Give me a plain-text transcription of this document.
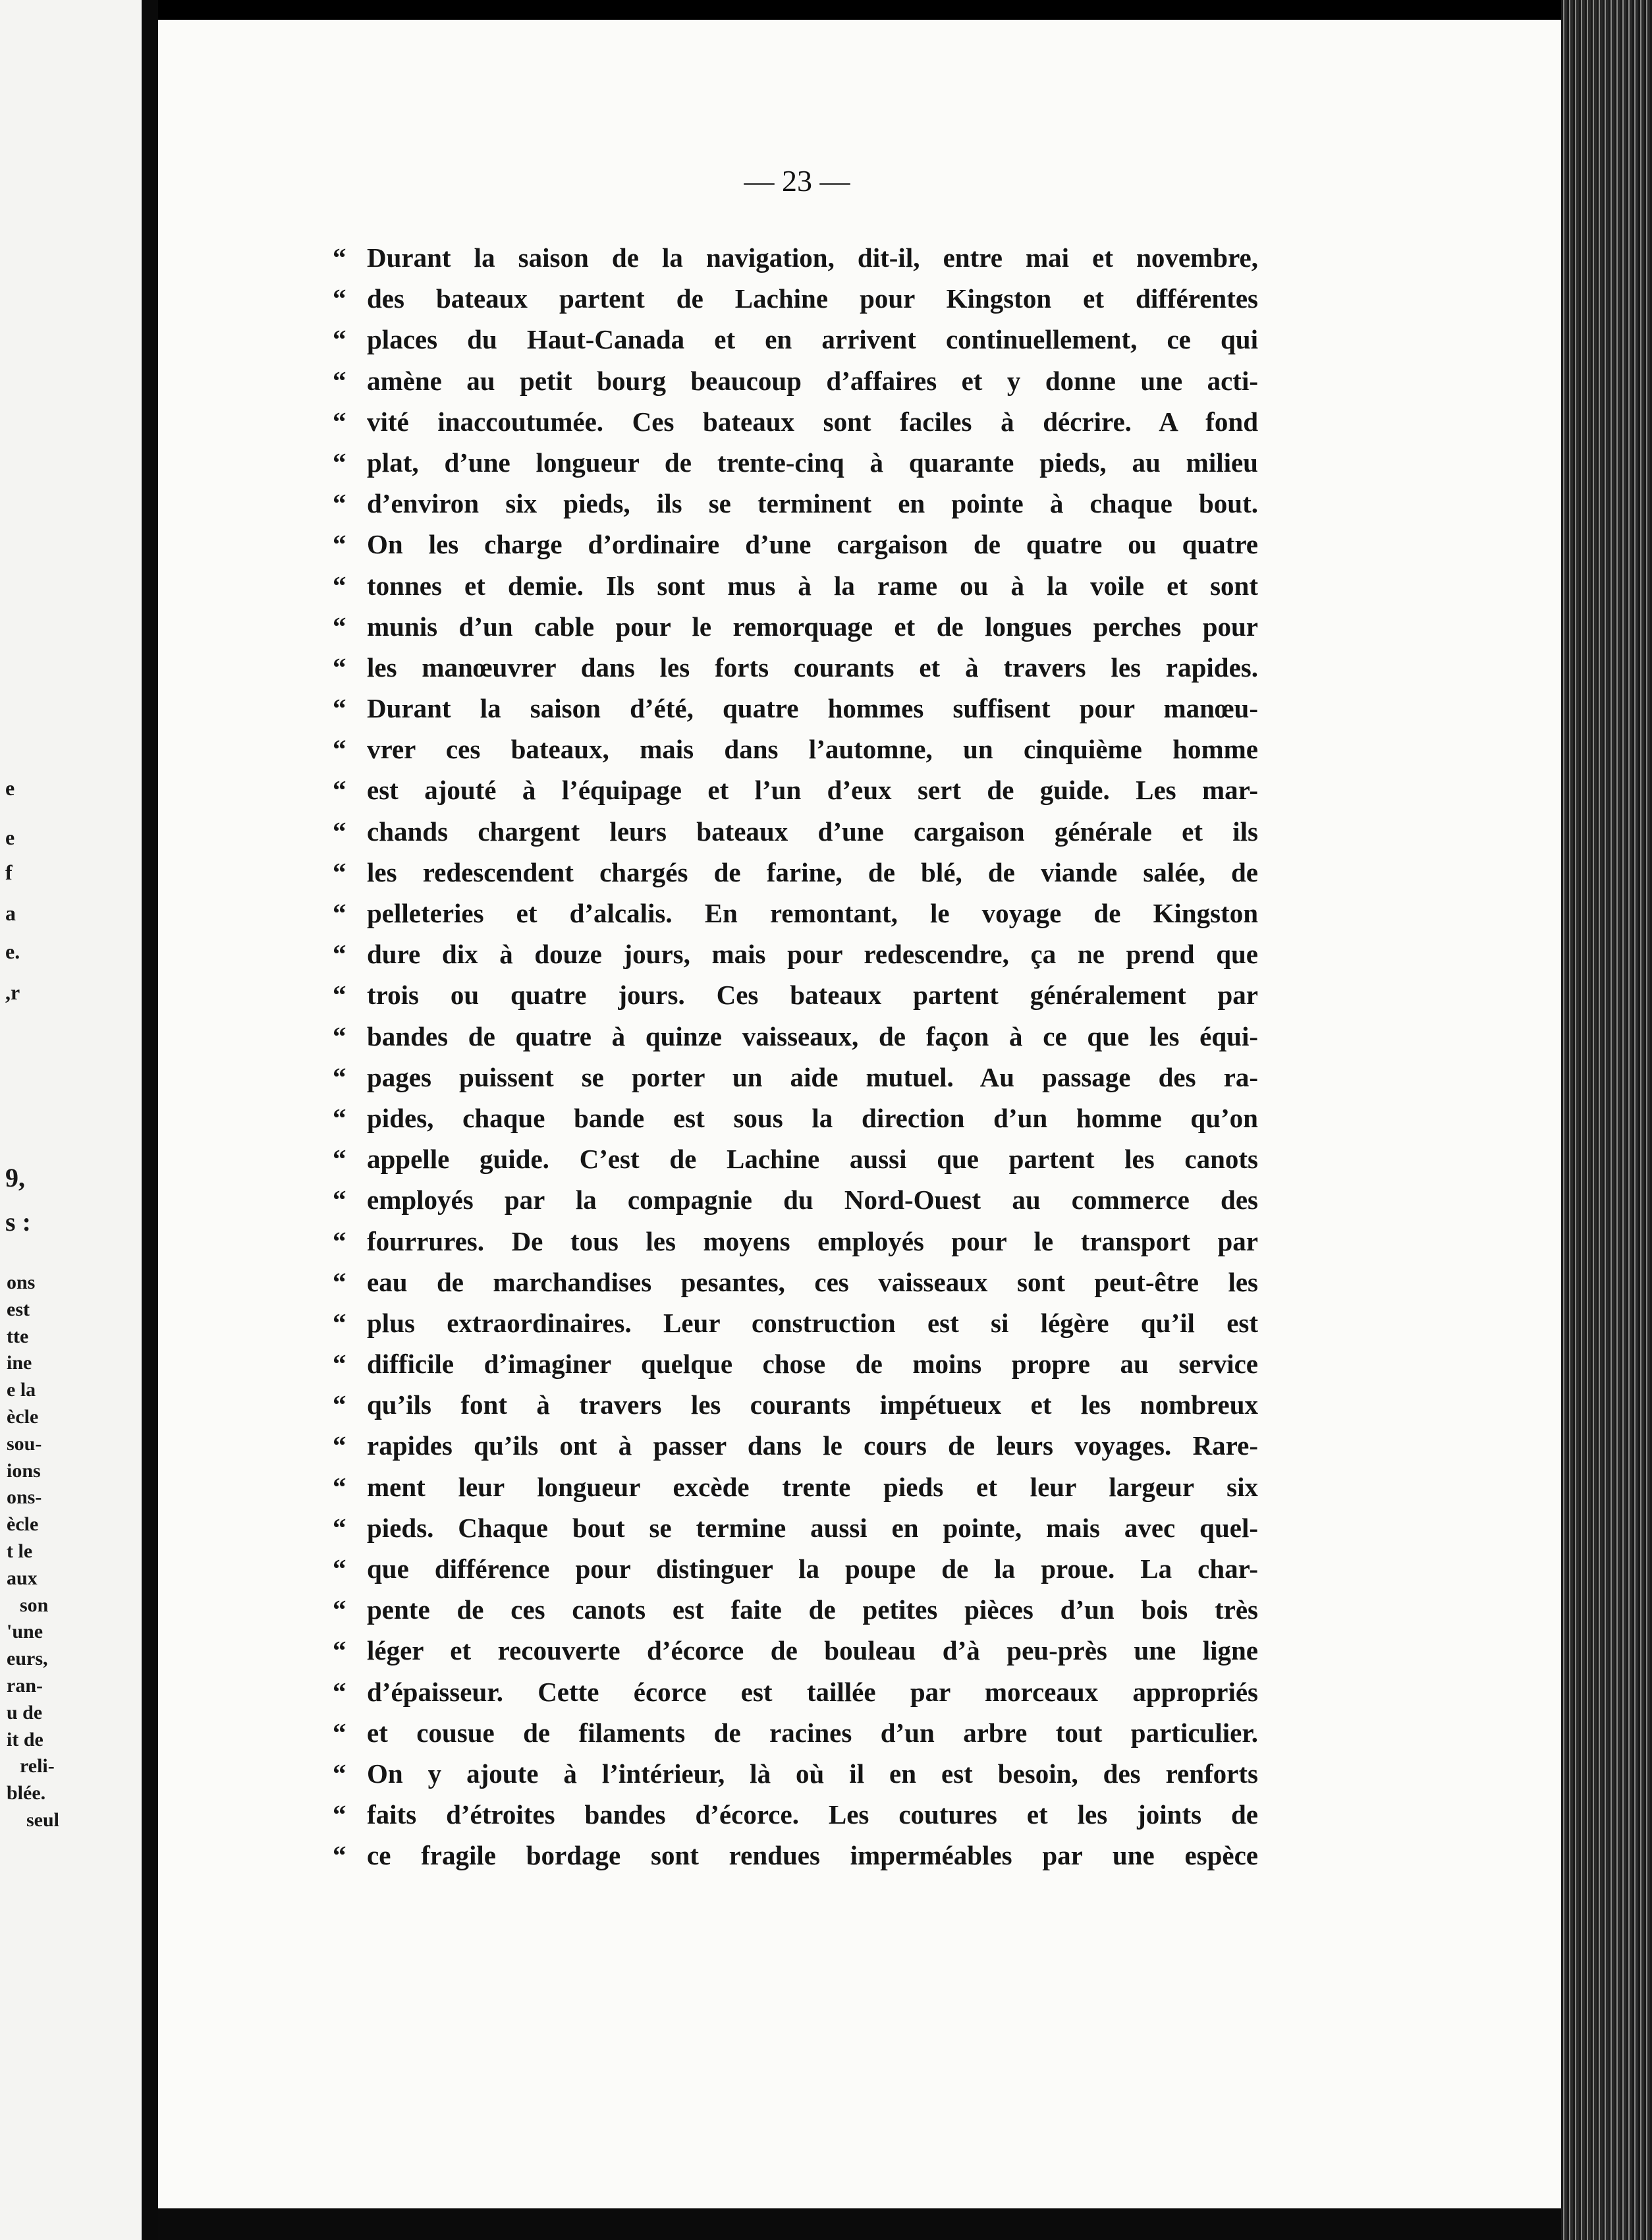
e
e
f
a
e.
,r
9,
s :
ons
est
tte
ine
e la
ècle
sou-
ions
ons-
ècle
t le
aux
son
'une
eurs,
ran-
u de
it de
reli-
blée.
seul
— 23 —
“ Durant la saison de la navigation, dit-il, entre mai et novembre,
“ des bateaux partent de Lachine pour Kingston et différentes
“ places du Haut-Canada et en arrivent continuellement, ce qui
“ amène au petit bourg beaucoup d’affaires et y donne une acti-
“ vité inaccoutumée. Ces bateaux sont faciles à décrire. A fond
“ plat, d’une longueur de trente-cinq à quarante pieds, au milieu
“ d’environ six pieds, ils se terminent en pointe à chaque bout.
“ On les charge d’ordinaire d’une cargaison de quatre ou quatre
“ tonnes et demie. Ils sont mus à la rame ou à la voile et sont
“ munis d’un cable pour le remorquage et de longues perches pour
“ les manœuvrer dans les forts courants et à travers les rapides.
“ Durant la saison d’été, quatre hommes suffisent pour manœu-
“ vrer ces bateaux, mais dans l’automne, un cinquième homme
“ est ajouté à l’équipage et l’un d’eux sert de guide. Les mar-
“ chands chargent leurs bateaux d’une cargaison générale et ils
“ les redescendent chargés de farine, de blé, de viande salée, de
“ pelleteries et d’alcalis. En remontant, le voyage de Kingston
“ dure dix à douze jours, mais pour redescendre, ça ne prend que
“ trois ou quatre jours. Ces bateaux partent généralement par
“ bandes de quatre à quinze vaisseaux, de façon à ce que les équi-
“ pages puissent se porter un aide mutuel. Au passage des ra-
“ pides, chaque bande est sous la direction d’un homme qu’on
“ appelle guide. C’est de Lachine aussi que partent les canots
“ employés par la compagnie du Nord-Ouest au commerce des
“ fourrures. De tous les moyens employés pour le transport par
“ eau de marchandises pesantes, ces vaisseaux sont peut-être les
“ plus extraordinaires. Leur construction est si légère qu’il est
“ difficile d’imaginer quelque chose de moins propre au service
“ qu’ils font à travers les courants impétueux et les nombreux
“ rapides qu’ils ont à passer dans le cours de leurs voyages. Rare-
“ ment leur longueur excède trente pieds et leur largeur six
“ pieds. Chaque bout se termine aussi en pointe, mais avec quel-
“ que différence pour distinguer la poupe de la proue. La char-
“ pente de ces canots est faite de petites pièces d’un bois très
“ léger et recouverte d’écorce de bouleau d’à peu-près une ligne
“ d’épaisseur. Cette écorce est taillée par morceaux appropriés
“ et cousue de filaments de racines d’un arbre tout particulier.
“ On y ajoute à l’intérieur, là où il en est besoin, des renforts
“ faits d’étroites bandes d’écorce. Les coutures et les joints de
“ ce fragile bordage sont rendues imperméables par une espèce
